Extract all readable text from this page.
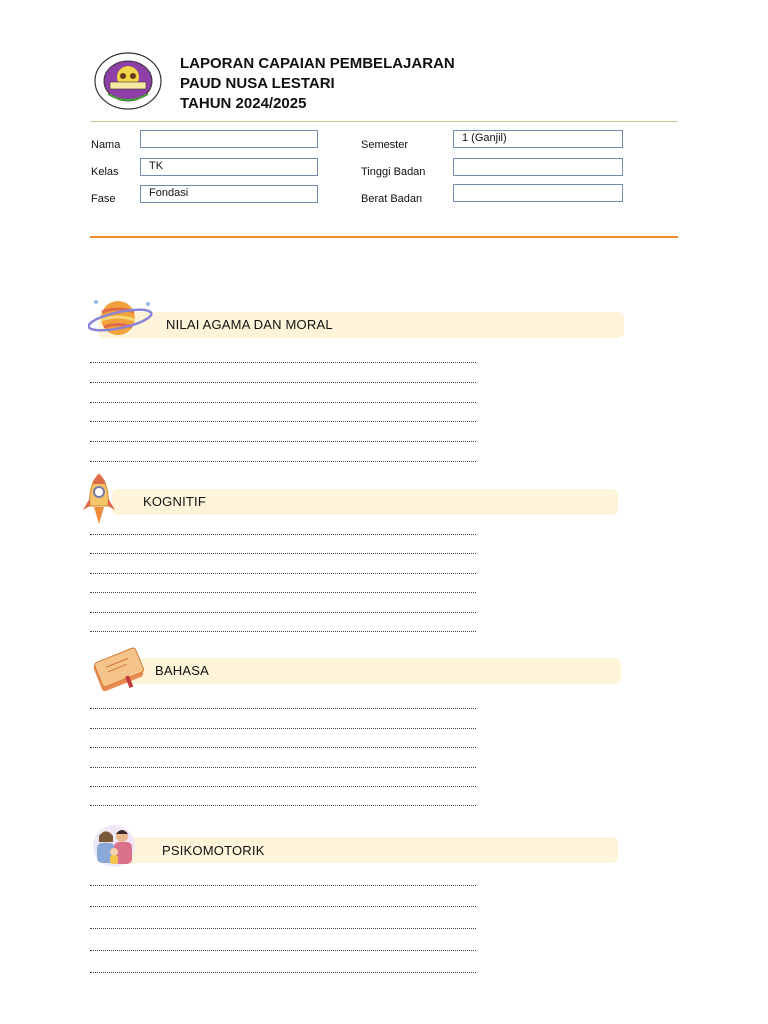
LAPORAN CAPAIAN PEMBELAJARAN
PAUD NUSA LESTARI
TAHUN 2024/2025
Nama
Kelas	TK
Fase	Fondasi
Semester
1 (Ganjil)
Tinggi Badan
Berat Badan
NILAI AGAMA DAN MORAL
KOGNITIF
BAHASA
PSIKOMOTORIK
